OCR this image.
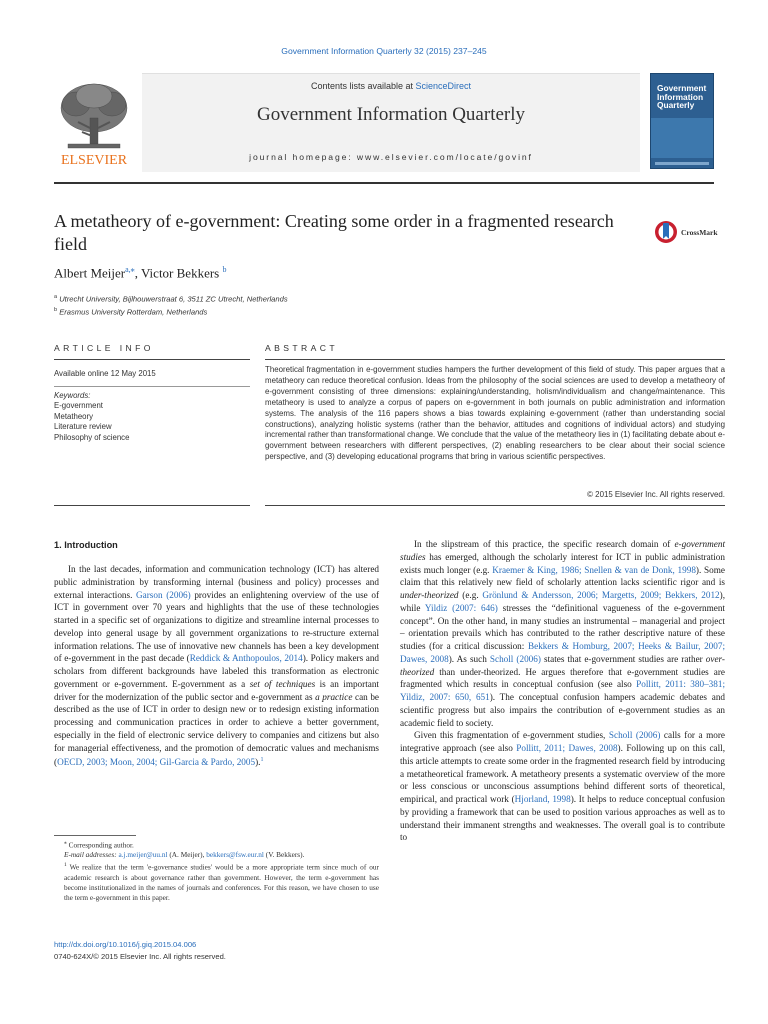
Government Information Quarterly 32 (2015) 237–245
ELSEVIER
Contents lists available at ScienceDirect
Government Information Quarterly
journal homepage: www.elsevier.com/locate/govinf
Government
Information
Quarterly
A metatheory of e-government: Creating some order in a fragmented research field
CrossMark
Albert Meijer$^{a,⁎}$, Victor Bekkers $^b$
$^a$ Utrecht University, Bijlhouwerstraat 6, 3511 ZC Utrecht, Netherlands
$^b$ Erasmus University Rotterdam, Netherlands
ARTICLE INFO	ABSTRACT
Available online 12 May 2015
Keywords:
E-government
Metatheory
Literature review
Philosophy of science
Theoretical fragmentation in e-government studies hampers the further development of this field of study. This paper argues that a metatheory can reduce theoretical confusion. Ideas from the philosophy of the social sciences are used to develop a metatheory of e-government consisting of three dimensions: explaining/understanding, holism/individualism and change/maintenance. This metatheory is used to analyze a corpus of papers on e-government in both journals on public administration and information systems. The analysis of the 116 papers shows a bias towards explaining e-government (rather than understanding social constructions), analyzing holistic systems (rather than the behavior, attitudes and cognitions of individual actors) and studying incremental rather than transformational change. We conclude that the value of the metatheory lies in (1) facilitating debate about e-government between researchers with different perspectives, (2) enabling researchers to be clear about their social science perspective, and (3) developing educational programs that bring in various scientific perspectives.
© 2015 Elsevier Inc. All rights reserved.
1. Introduction

In the last decades, information and communication technology (ICT) has altered public administration by transforming internal (business and policy) processes and external interactions. Garson (2006) provides an enlightening overview of the use of ICT in government over 70 years and highlights that the use of these technologies started in a specific set of organizations to digitize and streamline internal processes to develop into general usage by all government organizations to re-structure external information relations. The use of innovative new channels has been a key development of e-government in the past decade (Reddick & Anthopoulos, 2014). Policy makers and scholars from different backgrounds have labeled this transformation as electronic government or e-government. E-government as a set of techniques is an important driver for the modernization of the public sector and e-government as a practice can be described as the use of ICT in order to design new or to redesign existing information processing and communication practices in order to achieve a better government, especially in the field of electronic service delivery to companies and citizens but also for managerial effectiveness, and the promotion of democratic values and mechanisms (OECD, 2003; Moon, 2004; Gil-Garcia & Pardo, 2005).$^1$

In the slipstream of this practice, the specific research domain of e-government studies has emerged, although the scholarly interest for ICT in public administration exists much longer (e.g. Kraemer & King, 1986; Snellen & van de Donk, 1998). Some claim that this relatively new field of scholarly attention lacks scientific rigor and is under-theorized (e.g. Grönlund & Andersson, 2006; Margetts, 2009; Bekkers, 2012), while Yildiz (2007: 646) stresses the “definitional vagueness of the e-government concept”. On the other hand, in many studies an instrumental – managerial and project – orientation prevails which has contributed to the rather descriptive nature of these studies (for a critical discussion: Bekkers & Homburg, 2007; Heeks & Bailur, 2007; Dawes, 2008). As such Scholl (2006) states that e-government studies are rather over-theorized than under-theorized. He argues therefore that e-government studies are fragmented which results in conceptual confusion (see also Pollitt, 2011: 380–381; Yildiz, 2007: 650, 651). The conceptual confusion hampers academic debates and scientific progress but also impairs the contribution of e-government studies as an academic field to society.

Given this fragmentation of e-government studies, Scholl (2006) calls for a more integrative approach (see also Pollitt, 2011; Dawes, 2008). Following up on this call, this article attempts to create some order in the fragmented research field by introducing a metatheoretical framework. A metatheory presents a systematic overview of the more or less conscious or unconscious assumptions behind different sorts of theoretical, empirical, and practical work (Hjorland, 1998). It helps to reduce conceptual confusion by providing a framework that can be used to position various approaches as well as to understand their immanent strengths and weaknesses. The overall goal is to contribute to

⁎ Corresponding author.
E-mail addresses: a.j.meijer@uu.nl (A. Meijer), bekkers@fsw.eur.nl (V. Bekkers).
$^1$ We realize that the term 'e-governance studies' would be a more appropriate term since much of our academic research is about governance rather than government. However, the term e-government has become institutionalized in the names of journals and conferences. For this reason, we have chosen to use the term e-government in this paper.
http://dx.doi.org/10.1016/j.giq.2015.04.006
0740-624X/© 2015 Elsevier Inc. All rights reserved.
